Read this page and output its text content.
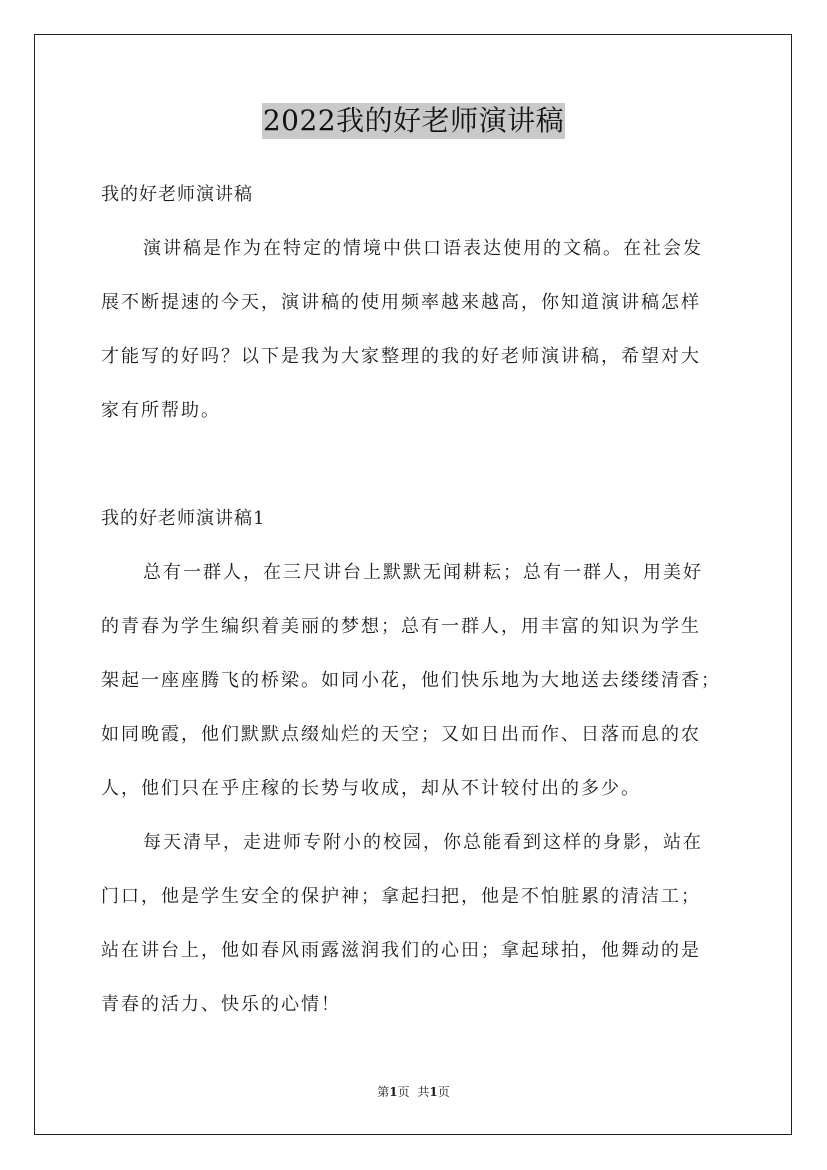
2022我的好老师演讲稿
我的好老师演讲稿
演讲稿是作为在特定的情境中供口语表达使用的文稿。在社会发
展不断提速的今天，演讲稿的使用频率越来越高，你知道演讲稿怎样
才能写的好吗？以下是我为大家整理的我的好老师演讲稿，希望对大
家有所帮助。
我的好老师演讲稿1
总有一群人，在三尺讲台上默默无闻耕耘；总有一群人，用美好
的青春为学生编织着美丽的梦想；总有一群人，用丰富的知识为学生
架起一座座腾飞的桥梁。如同小花，他们快乐地为大地送去缕缕清香；
如同晚霞，他们默默点缀灿烂的天空；又如日出而作、日落而息的农
人，他们只在乎庄稼的长势与收成，却从不计较付出的多少。
每天清早，走进师专附小的校园，你总能看到这样的身影，站在
门口，他是学生安全的保护神；拿起扫把，他是不怕脏累的清洁工；
站在讲台上，他如春风雨露滋润我们的心田；拿起球拍，他舞动的是
青春的活力、快乐的心情！
第1页 共1页
